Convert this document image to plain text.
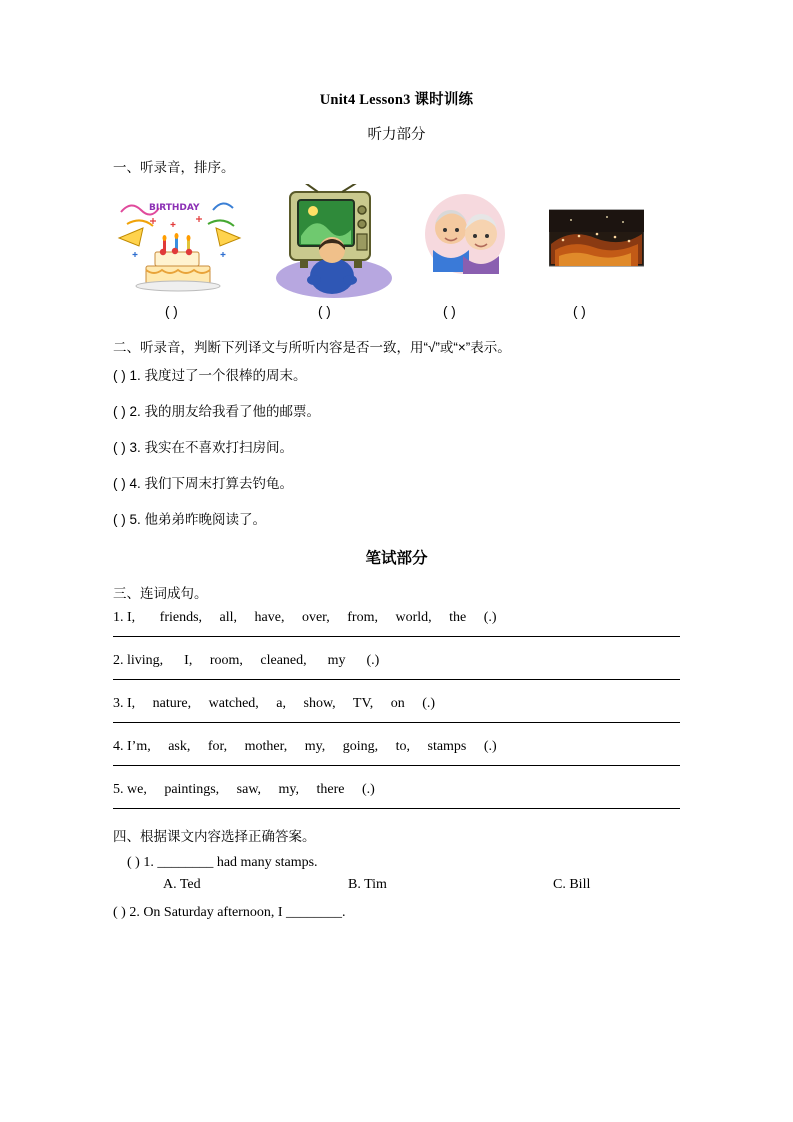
Unit4 Lesson3 课时训练
听力部分
一、听录音，排序。
BIRTHDAY
( )	( )	( )	( )
二、听录音，判断下列译文与所听内容是否一致，用“√”或“×”表示。
( ) 1. 我度过了一个很棒的周末。
( ) 2. 我的朋友给我看了他的邮票。
( ) 3. 我实在不喜欢打扫房间。
( ) 4. 我们下周末打算去钓龟。
( ) 5. 他弟弟昨晚阅读了。
笔试部分
三、连词成句。
1. I,       friends,     all,     have,     over,     from,     world,     the     (.)
2. living,      I,     room,     cleaned,      my      (.)
3. I,     nature,     watched,     a,     show,     TV,     on     (.)
4. I’m,     ask,     for,     mother,     my,     going,     to,     stamps     (.)
5. we,     paintings,     saw,     my,     there     (.)
四、根据课文内容选择正确答案。
( ) 1. ________ had many stamps.
A. Ted	B. Tim	C. Bill
( ) 2. On Saturday afternoon, I ________.
